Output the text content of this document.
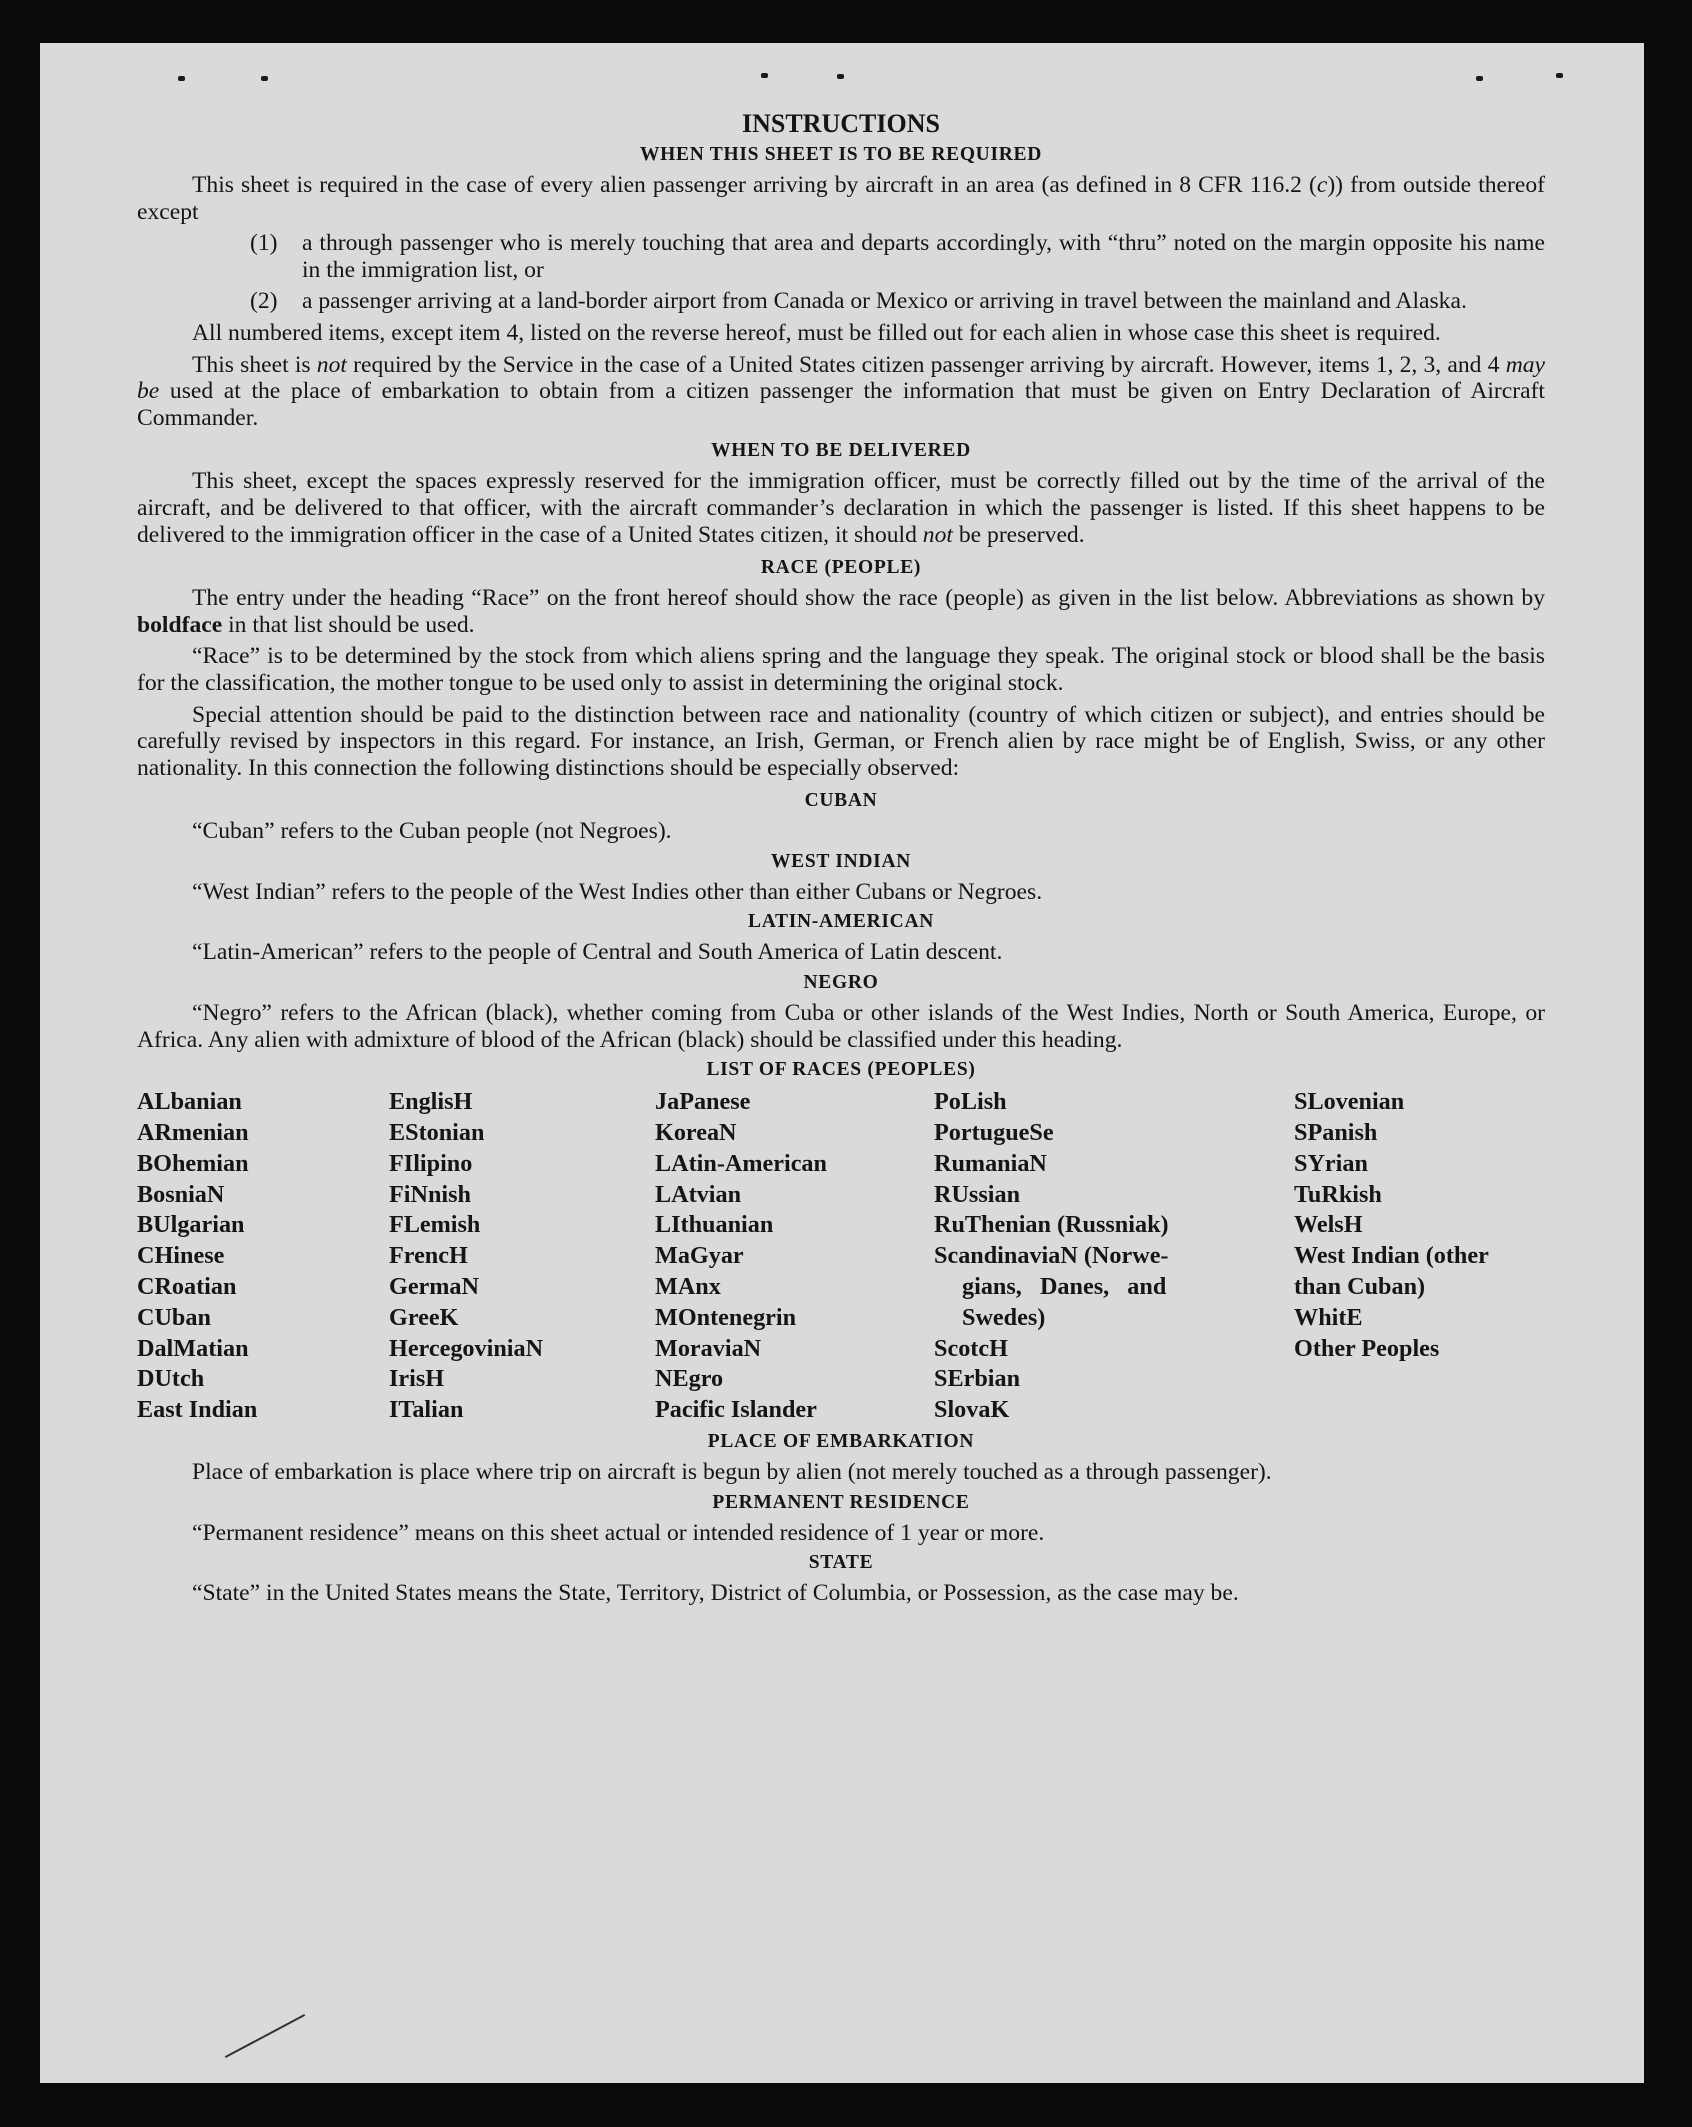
INSTRUCTIONS
WHEN THIS SHEET IS TO BE REQUIRED

This sheet is required in the case of every alien passenger arriving by aircraft in an area (as defined in 8 CFR 116.2 (c)) from outside thereof except

(1)	a through passenger who is merely touching that area and departs accordingly, with “thru” noted on the margin opposite his name in the immigration list, or
(2)	a passenger arriving at a land-border airport from Canada or Mexico or arriving in travel between the mainland and Alaska.

All numbered items, except item 4, listed on the reverse hereof, must be filled out for each alien in whose case this sheet is required.

This sheet is not required by the Service in the case of a United States citizen passenger arriving by aircraft. However, items 1, 2, 3, and 4 may be used at the place of embarkation to obtain from a citizen passenger the information that must be given on Entry Declaration of Aircraft Commander.

WHEN TO BE DELIVERED

This sheet, except the spaces expressly reserved for the immigration officer, must be correctly filled out by the time of the arrival of the aircraft, and be delivered to that officer, with the aircraft commander’s declaration in which the passenger is listed. If this sheet happens to be delivered to the immigration officer in the case of a United States citizen, it should not be preserved.

RACE (PEOPLE)

The entry under the heading “Race” on the front hereof should show the race (people) as given in the list below. Abbreviations as shown by boldface in that list should be used.

“Race” is to be determined by the stock from which aliens spring and the language they speak. The original stock or blood shall be the basis for the classification, the mother tongue to be used only to assist in determining the original stock.

Special attention should be paid to the distinction between race and nationality (country of which citizen or subject), and entries should be carefully revised by inspectors in this regard. For instance, an Irish, German, or French alien by race might be of English, Swiss, or any other nationality. In this connection the following distinctions should be especially observed:

CUBAN

“Cuban” refers to the Cuban people (not Negroes).

WEST INDIAN

“West Indian” refers to the people of the West Indies other than either Cubans or Negroes.

LATIN-AMERICAN

“Latin-American” refers to the people of Central and South America of Latin descent.

NEGRO

“Negro” refers to the African (black), whether coming from Cuba or other islands of the West Indies, North or South America, Europe, or Africa. Any alien with admixture of blood of the African (black) should be classified under this heading.

LIST OF RACES (PEOPLES)
ALbanian
ARmenian
BOhemian
BosniaN
BUlgarian
CHinese
CRoatian
CUban
DalMatian
DUtch
East Indian
EnglisH
EStonian
FIlipino
FiNnish
FLemish
FrencH
GermaN
GreeK
HercegoviniaN
IrisH
ITalian
JaPanese
KoreaN
LAtin-American
LAtvian
LIthuanian
MaGyar
MAnx
MOntenegrin
MoraviaN
NEgro
Pacific Islander
PoLish
PortugueSe
RumaniaN
RUssian
RuThenian (Russniak)
ScandinaviaN (Norwe-
gians,   Danes,   and
Swedes)
ScotcH
SErbian
SlovaK
SLovenian
SPanish
SYrian
TuRkish
WelsH
West Indian (other
than Cuban)
WhitE
Other Peoples
PLACE OF EMBARKATION

Place of embarkation is place where trip on aircraft is begun by alien (not merely touched as a through passenger).

PERMANENT RESIDENCE

“Permanent residence” means on this sheet actual or intended residence of 1 year or more.

STATE

“State” in the United States means the State, Territory, District of Columbia, or Possession, as the case may be.
